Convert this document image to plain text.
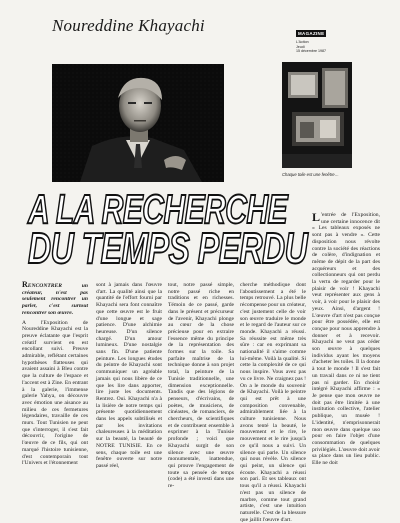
Noureddine Khayachi	MAGAZINE
L'Action
Jeudi
15 décembre 1987
Chaque toile est une fenêtre…
A LA RECHERCHE
DU TEMPS PERDU

RENCONTRER un créateur, n'est pas seulement rencontrer un parler, c'est surtout rencontrer son œuvre.

A l'Exposition de Noureddine Khayachi est la preuve éclatante que l'esprit créatif survient en est encollant suivi. Preuve admirable, reflétant certaines hypothèses flatteuses qui avaient assaini à Bleu contre que la culture de l'espace et l'accent est à Zine. En entrant à la galerie, l'immense galerie Yahya, on découvre avec émotion une aisance au milieu de ces fermetures légendaires, travaille de ces murs. Tout Tunisien ne peut que s'interroger, il s'est fait découvrir, l'origine de l'œuvre de ce fils, qui ont marqué l'histoire tunisienne, d'est contemporain tout l'Univers et l'étonnement

sont à jamais dans l'œuvre d'art. La qualité ainsi que la quantité de l'effort fourni par Khayachi sera font connaître que cette œuvre est le fruit d'une longue et sage patience. D'une alchimie heureuse. D'un silence chargé. D'un amour lumineux. D'une nostalgie sans fin. D'une patiente peinture. Les longues études du peintre de Khayachi sont communiquer un agréable jamais qui nous libère de ce que les lire dans apporter, lire juste les documents. Rentrez. Oui. Khayachi n'a à la lisière de notre temps qui présente quotidiennement dans les appels subtilisés et par les invitations chaleureuses à la méditation sur la beauté, la beauté de NOTRE TUNISIE. En ce sens, chaque toile est une fenêtre ouverte sur notre passé réel,

tout, notre passé simple, notre passé riche en traditions et en richesses. Témoin de ce passé, garde dans le présent et précurseur de l'avenir, Khayachi plonge au cœur de la chose précieuse pour en extraire l'essence même du principe de la représentation des formes sur la toile. Sa parfaite maîtrise de la technique donne à son projet total, la peinture de la Tunisie traditionnelle, une dimension exceptionnelle. Tandis que des légions de penseurs, d'écrivains, de poètes, de musiciens, de cinéastes, de romanciers, de chercheurs, de scientifiques et de contribuent ensemble à exprimer à la Tunisie profonde ; voici que Khayachi surgit de son silence avec une œuvre monumentale, inattendue, qui prouve l'engagement de toute sa pensée de temps (code) a été investi dans une re-

cherche méthodique dont l'aboutissement a été le temps retrouvé. La plus belle récompense pour un créateur, c'est justement celle de voir son œuvre traduire le monde et le regard de l'auteur sur ce monde. Khayachi a réussi. Sa réussite est même très sûre : car en exprimant sa nationalité il s'aime comme lui-même. Voilà la qualité. Si cette la complexité de ce qui nous inspire. Vous avez pas vu ce livre. Ne craignez pas ! On a le monde du souvenir de Khayachi. Voilà le peintre qui est prêt à une composition convenable, admirablement liée à la culture tunisienne. Nous avons tenté la beauté, le mouvement et le rire, le mouvement et le rire jusqu'à ce qu'il nous a suivi. Un silence qui parle. Un silence qui nous révèle. Un silence qui peint, un silence qui écoute. Khayachi a réussi son pari. Et ses tableaux ont tous qu'il a réussi. Khayachi n'est pas un silence de marbre, comme tout grand artiste, c'est une intuition naturelle. C'est de la blessure que jaillit l'œuvre d'art.

L 'entrée de l'Exposition, une certaine innocence dit « Les tableaux exposés ne sont pas à vendre ». Cette disposition nous révolte contre la société des réactions de colère, d'indignation et même de dépit de la part des acquéreurs et des collectionneurs qui ont perdu la vertu de regarder pour le plaisir de voir ! Khayachi veut représenter aux gens à voir, à voir pour le plaisir des yeux. Ainsi, d'argent ! L'œuvre d'art n'est pas conçue pour être possédée, elle est conçue pour nous apprendre à donner et à recevoir. Khayachi ne veut pas céder son œuvre à quelques individus ayant les moyens d'acheter les toiles. Il la donne à tout le monde ! Il s'est fait un travail dans ce ni ne tient pas ni garder. En choisir intégré Khayachi affirme : « Je pense que mon œuvre ne doit pas être limitée à une institution collective, l'atelier publique, un musée ! L'identité, n'emprisonnerait mon œuvre dans quelque uso pour en faire l'objet d'une consommation de quelques privilégiés. L'œuvre doit avoir sa place dans un lieu public. Elle ne doit
